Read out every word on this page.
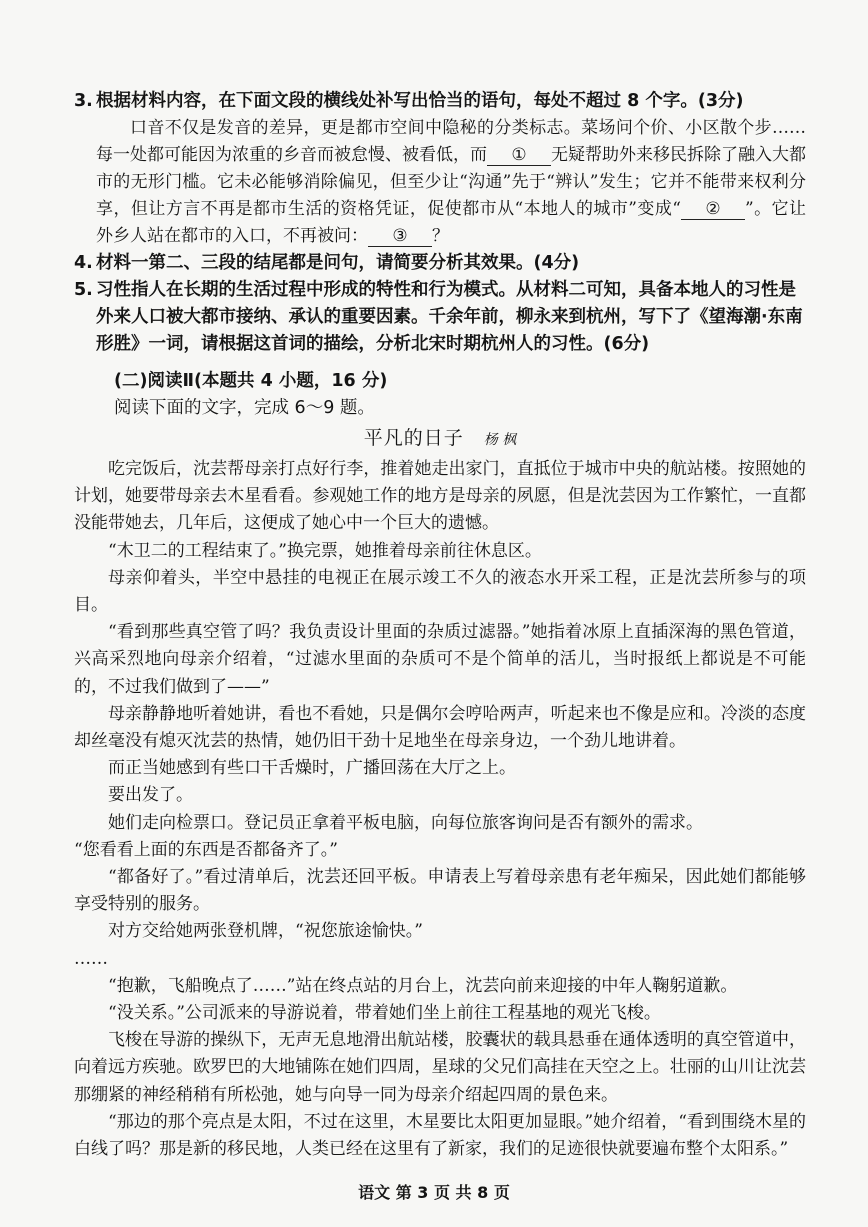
3. 根据材料内容，在下面文段的横线处补写出恰当的语句，每处不超过 8 个字。(3分)

口音不仅是发音的差异，更是都市空间中隐秘的分类标志。菜场问个价、小区散个步……每一处都可能因为浓重的乡音而被怠慢、被看低，而 ① 无疑帮助外来移民拆除了融入大都市的无形门槛。它未必能够消除偏见，但至少让“沟通”先于“辨认”发生；它并不能带来权利分享，但让方言不再是都市生活的资格凭证，促使都市从“本地人的城市”变成“ ② ”。它让外乡人站在都市的入口，不再被问： ③ ？

4. 材料一第二、三段的结尾都是问句，请简要分析其效果。(4分)
5. 习性指人在长期的生活过程中形成的特性和行为模式。从材料二可知，具备本地人的习性是外来人口被大都市接纳、承认的重要因素。千余年前，柳永来到杭州，写下了《望海潮·东南形胜》一词，请根据这首词的描绘，分析北宋时期杭州人的习性。(6分)
(二)阅读Ⅱ(本题共 4 小题，16 分)
阅读下面的文字，完成 6～9 题。
平凡的日子 杨 枫

吃完饭后，沈芸帮母亲打点好行李，推着她走出家门，直抵位于城市中央的航站楼。按照她的计划，她要带母亲去木星看看。参观她工作的地方是母亲的夙愿，但是沈芸因为工作繁忙，一直都没能带她去，几年后，这便成了她心中一个巨大的遗憾。

“木卫二的工程结束了。”换完票，她推着母亲前往休息区。

母亲仰着头，半空中悬挂的电视正在展示竣工不久的液态水开采工程，正是沈芸所参与的项目。

“看到那些真空管了吗？我负责设计里面的杂质过滤器。”她指着冰原上直插深海的黑色管道，兴高采烈地向母亲介绍着，“过滤水里面的杂质可不是个简单的活儿，当时报纸上都说是不可能的，不过我们做到了——”

母亲静静地听着她讲，看也不看她，只是偶尔会哼哈两声，听起来也不像是应和。冷淡的态度却丝毫没有熄灭沈芸的热情，她仍旧干劲十足地坐在母亲身边，一个劲儿地讲着。

而正当她感到有些口干舌燥时，广播回荡在大厅之上。

要出发了。

她们走向检票口。登记员正拿着平板电脑，向每位旅客询问是否有额外的需求。

“您看看上面的东西是否都备齐了。”

“都备好了。”看过清单后，沈芸还回平板。申请表上写着母亲患有老年痴呆，因此她们都能够享受特别的服务。

对方交给她两张登机牌，“祝您旅途愉快。”

……

“抱歉，飞船晚点了……”站在终点站的月台上，沈芸向前来迎接的中年人鞠躬道歉。

“没关系。”公司派来的导游说着，带着她们坐上前往工程基地的观光飞梭。

飞梭在导游的操纵下，无声无息地滑出航站楼，胶囊状的载具悬垂在通体透明的真空管道中，向着远方疾驰。欧罗巴的大地铺陈在她们四周，星球的父兄们高挂在天空之上。壮丽的山川让沈芸那绷紧的神经稍稍有所松弛，她与向导一同为母亲介绍起四周的景色来。

“那边的那个亮点是太阳，不过在这里，木星要比太阳更加显眼。”她介绍着，“看到围绕木星的白线了吗？那是新的移民地，人类已经在这里有了新家，我们的足迹很快就要遍布整个太阳系。”

语文 第 3 页 共 8 页
